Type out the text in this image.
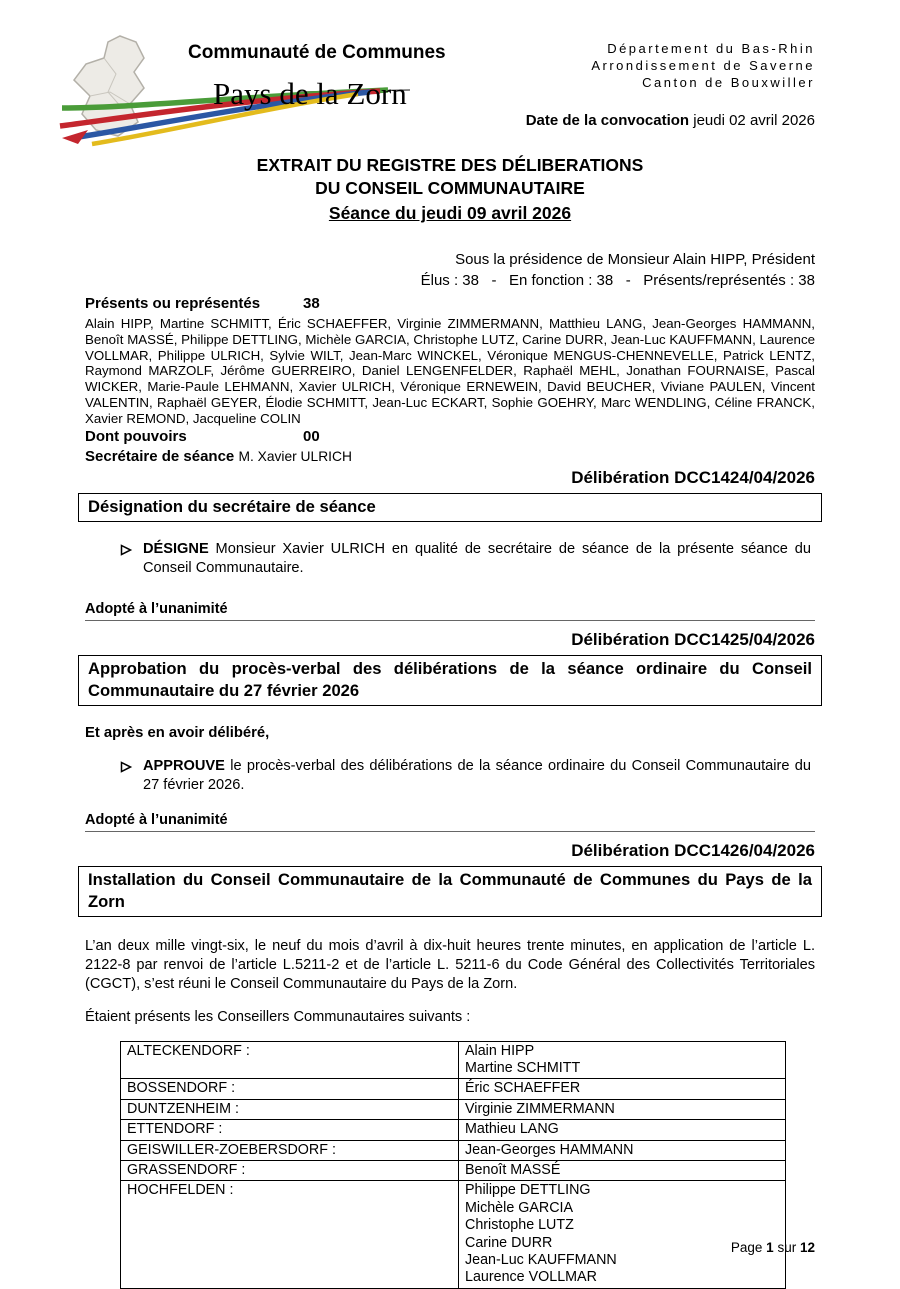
Communauté de Communes
Pays de la Zorn
Département du Bas-Rhin
Arrondissement de Saverne
Canton de Bouxwiller
Date de la convocation jeudi 02 avril 2026
EXTRAIT DU REGISTRE DES DÉLIBERATIONS
DU CONSEIL COMMUNAUTAIRE
Séance du jeudi 09 avril 2026
Sous la présidence de Monsieur Alain HIPP, Président
Élus : 38   -   En fonction : 38   -   Présents/représentés : 38
Présents ou représentés	38

Alain HIPP, Martine SCHMITT, Éric SCHAEFFER, Virginie ZIMMERMANN, Matthieu LANG, Jean-Georges HAMMANN, Benoît MASSÉ, Philippe DETTLING, Michèle GARCIA, Christophe LUTZ, Carine DURR, Jean-Luc KAUFFMANN, Laurence VOLLMAR, Philippe ULRICH, Sylvie WILT, Jean-Marc WINCKEL, Véronique MENGUS-CHENNEVELLE, Patrick LENTZ, Raymond MARZOLF, Jérôme GUERREIRO, Daniel LENGENFELDER, Raphaël MEHL, Jonathan FOURNAISE, Pascal WICKER, Marie-Paule LEHMANN, Xavier ULRICH, Véronique ERNEWEIN, David BEUCHER, Viviane PAULEN, Vincent VALENTIN, Raphaël GEYER, Élodie SCHMITT, Jean-Luc ECKART, Sophie GOEHRY, Marc WENDLING, Céline FRANCK, Xavier REMOND, Jacqueline COLIN

Dont pouvoirs	00
Secrétaire de séance M. Xavier ULRICH
Délibération DCC1424/04/2026
Désignation du secrétaire de séance
DÉSIGNE Monsieur Xavier ULRICH en qualité de secrétaire de séance de la présente séance du Conseil Communautaire.
Adopté à l’unanimité
Délibération DCC1425/04/2026
Approbation du procès-verbal des délibérations de la séance ordinaire du Conseil Communautaire du 27 février 2026
Et après en avoir délibéré,
APPROUVE le procès-verbal des délibérations de la séance ordinaire du Conseil Communautaire du 27 février 2026.
Adopté à l’unanimité
Délibération DCC1426/04/2026
Installation du Conseil Communautaire de la Communauté de Communes du Pays de la Zorn

L’an deux mille vingt-six, le neuf du mois d’avril à dix-huit heures trente minutes, en application de l’article L. 2122-8 par renvoi de l’article L.5211-2 et de l’article L. 5211-6 du Code Général des Collectivités Territoriales (CGCT), s’est réuni le Conseil Communautaire du Pays de la Zorn.

Étaient présents les Conseillers Communautaires suivants :
ALTECKENDORF :	Alain HIPP
Martine SCHMITT

BOSSENDORF :	Éric SCHAEFFER

DUNTZENHEIM :	Virginie ZIMMERMANN

ETTENDORF :	Mathieu LANG

GEISWILLER-ZOEBERSDORF :	Jean-Georges HAMMANN

GRASSENDORF :	Benoît MASSÉ

HOCHFELDEN :	Philippe DETTLING
Michèle GARCIA
Christophe LUTZ
Carine DURR
Jean-Luc KAUFFMANN
Laurence VOLLMAR
Page 1 sur 12
